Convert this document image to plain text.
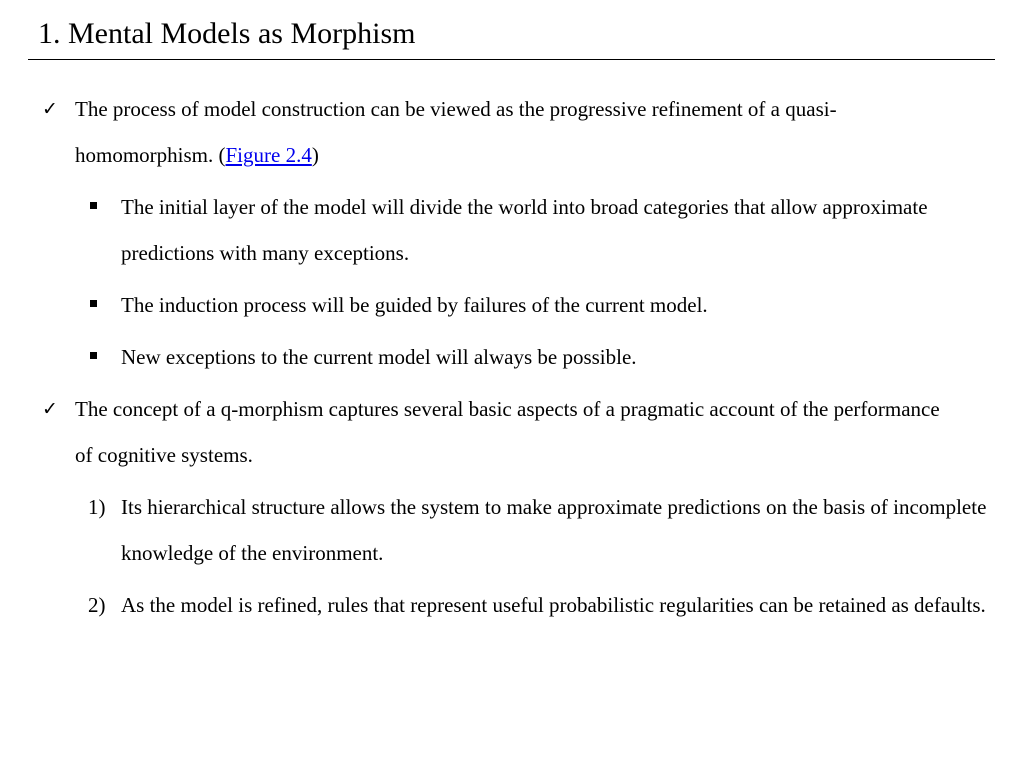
1. Mental Models as Morphism
✓ The process of model construction can be viewed as the progressive refinement of a quasi-homomorphism. (Figure 2.4)
The initial layer of the model will divide the world into broad categories that allow approximate predictions with many exceptions.
The induction process will be guided by failures of the current model.
New exceptions to the current model will always be possible.
✓ The concept of a q-morphism captures several basic aspects of a pragmatic account of the performance of cognitive systems.
1) Its hierarchical structure allows the system to make approximate predictions on the basis of incomplete knowledge of the environment.
2) As the model is refined, rules that represent useful probabilistic regularities can be retained as defaults.
